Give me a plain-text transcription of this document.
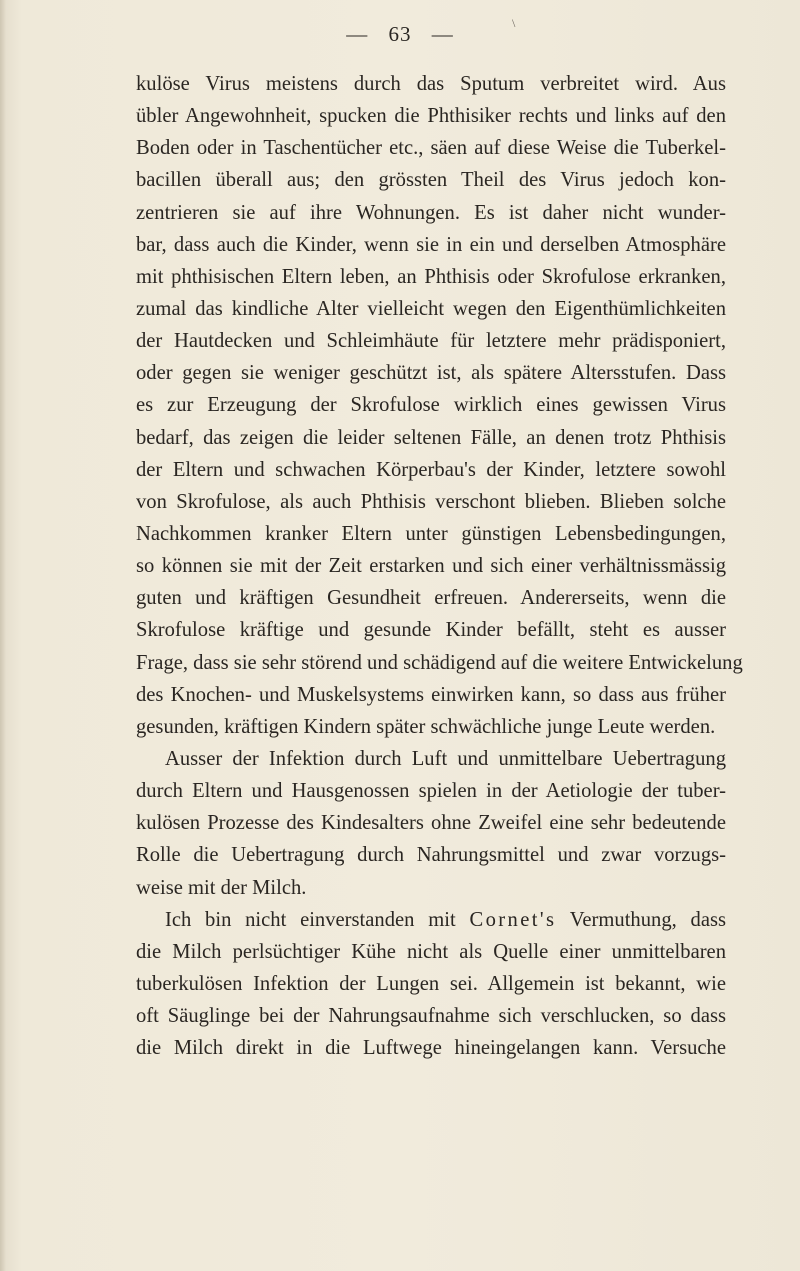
— 63 —	\
kulöse Virus meistens durch das Sputum verbreitet wird. Aus
übler Angewohnheit, spucken die Phthisiker rechts und links auf den
Boden oder in Taschentücher etc., säen auf diese Weise die Tuberkel-
bacillen überall aus; den grössten Theil des Virus jedoch kon-
zentrieren sie auf ihre Wohnungen. Es ist daher nicht wunder-
bar, dass auch die Kinder, wenn sie in ein und derselben Atmosphäre
mit phthisischen Eltern leben, an Phthisis oder Skrofulose erkranken,
zumal das kindliche Alter vielleicht wegen den Eigenthümlichkeiten
der Hautdecken und Schleimhäute für letztere mehr prädisponiert,
oder gegen sie weniger geschützt ist, als spätere Altersstufen. Dass
es zur Erzeugung der Skrofulose wirklich eines gewissen Virus
bedarf, das zeigen die leider seltenen Fälle, an denen trotz Phthisis
der Eltern und schwachen Körperbau's der Kinder, letztere sowohl
von Skrofulose, als auch Phthisis verschont blieben. Blieben solche
Nachkommen kranker Eltern unter günstigen Lebensbedingungen,
so können sie mit der Zeit erstarken und sich einer verhältnissmässig
guten und kräftigen Gesundheit erfreuen. Andererseits, wenn die
Skrofulose kräftige und gesunde Kinder befällt, steht es ausser
Frage, dass sie sehr störend und schädigend auf die weitere Entwickelung
des Knochen- und Muskelsystems einwirken kann, so dass aus früher
gesunden, kräftigen Kindern später schwächliche junge Leute werden.
Ausser der Infektion durch Luft und unmittelbare Uebertragung
durch Eltern und Hausgenossen spielen in der Aetiologie der tuber-
kulösen Prozesse des Kindesalters ohne Zweifel eine sehr bedeutende
Rolle die Uebertragung durch Nahrungsmittel und zwar vorzugs-
weise mit der Milch.
Ich bin nicht einverstanden mit Cornet's Vermuthung, dass
die Milch perlsüchtiger Kühe nicht als Quelle einer unmittelbaren
tuberkulösen Infektion der Lungen sei. Allgemein ist bekannt, wie
oft Säuglinge bei der Nahrungsaufnahme sich verschlucken, so dass
die Milch direkt in die Luftwege hineingelangen kann. Versuche
